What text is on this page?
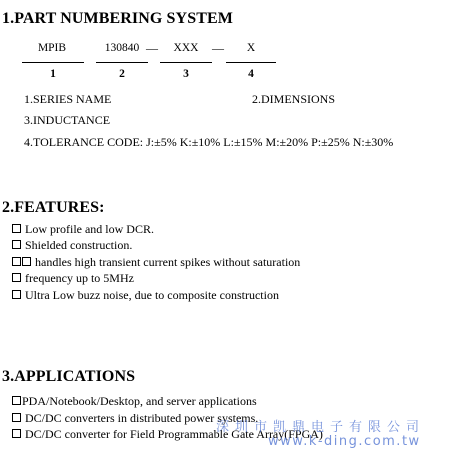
1.PART NUMBERING SYSTEM
MPIB	130840 —	XXX	—	X
1	2	3	4
1.SERIES NAME	2.DIMENSIONS
3.INDUCTANCE
4.TOLERANCE CODE: J:±5% K:±10% L:±15% M:±20% P:±25% N:±30%
2.FEATURES:
Low profile and low DCR.
Shielded construction.
handles high transient current spikes without saturation
frequency up to 5MHz
Ultra Low buzz noise, due to composite construction
3.APPLICATIONS
PDA/Notebook/Desktop, and server applications
DC/DC converters in distributed power systems.
DC/DC converter for Field Programmable Gate Array(FPGA)
深圳市凯鼎电子有限公司
www.k-ding.com.tw
